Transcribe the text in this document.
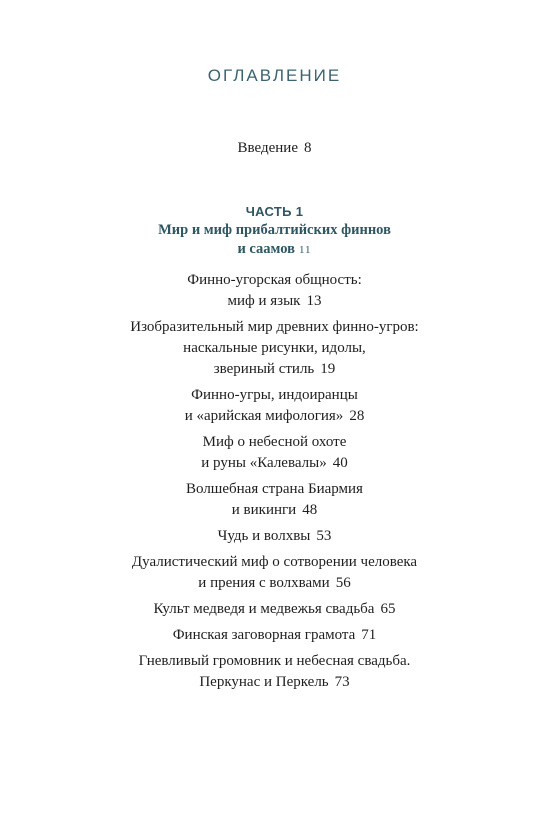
ОГЛАВЛЕНИЕ
Введение 8
ЧАСТЬ 1
Мир и миф прибалтийских финнов
и саамов 11
Финно-угорская общность:
миф и язык 13
Изобразительный мир древних финно-угров:
наскальные рисунки, идолы,
звериный стиль 19
Финно-угры, индоиранцы
и «арийская мифология» 28
Миф о небесной охоте
и руны «Калевалы» 40
Волшебная страна Биармия
и викинги 48
Чудь и волхвы 53
Дуалистический миф о сотворении человека
и прения с волхвами 56
Культ медведя и медвежья свадьба 65
Финская заговорная грамота 71
Гневливый громовник и небесная свадьба.
Перкунас и Перкель 73
